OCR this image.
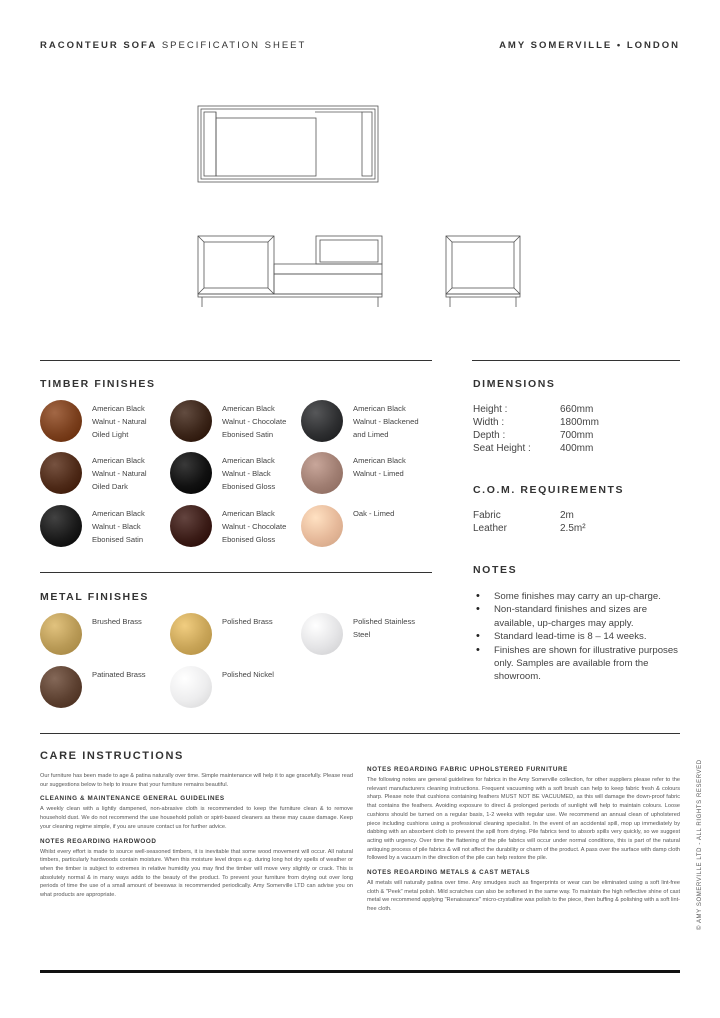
RACONTEUR SOFA SPECIFICATION SHEET	AMY SOMERVILLE • LONDON
TIMBER FINISHES
American Black
Walnut - Natural
Oiled Light
American Black
Walnut - Chocolate
Ebonised Satin
American Black
Walnut - Blackened
and Limed
American Black
Walnut - Natural
Oiled Dark
American Black
Walnut - Black
Ebonised Gloss
American Black
Walnut - Limed
American Black
Walnut - Black
Ebonised Satin
American Black
Walnut - Chocolate
Ebonised Gloss
Oak - Limed
METAL FINISHES
Brushed Brass	Polished Brass	Polished Stainless
Steel
Patinated Brass	Polished Nickel
DIMENSIONS
Height :	660mm
Width :	1800mm
Depth :	700mm
Seat Height :	400mm
C.O.M. REQUIREMENTS
Fabric	2m
Leather	2.5m²
NOTES
• Some finishes may carry an up-charge.
• Non-standard finishes and sizes are available, up-charges may apply.
• Standard lead-time is 8 – 14 weeks.
• Finishes are shown for illustrative purposes only. Samples are available from the showroom.
CARE INSTRUCTIONS

Our furniture has been made to age & patina naturally over time. Simple maintenance will help it to age gracefully. Please read our suggestions below to help to insure that your furniture remains beautiful.

CLEANING & MAINTENANCE GENERAL GUIDELINES

A weekly clean with a lightly dampened, non-abrasive cloth is recommended to keep the furniture clean & to remove household dust. We do not recommend the use household polish or spirit-based cleaners as these may cause damage. Keep your cleaning regime simple, if you are unsure contact us for further advice.

NOTES REGARDING HARDWOOD

Whilst every effort is made to source well-seasoned timbers, it is inevitable that some wood movement will occur. All natural timbers, particularly hardwoods contain moisture. When this moisture level drops e.g. during long hot dry spells of weather or when the timber is subject to extremes in relative humidity you may find the timber will move very slightly or crack. This is absolutely normal & in many ways adds to the beauty of the product. To prevent your furniture from drying out over long periods of time the use of a small amount of beeswax is recommended periodically. Amy Somerville LTD can advise you on what products are appropriate.

NOTES REGARDING FABRIC UPHOLSTERED FURNITURE

The following notes are general guidelines for fabrics in the Amy Somerville collection, for other suppliers please refer to the relevant manufacturers cleaning instructions. Frequent vacuuming with a soft brush can help to keep fabric fresh & colours sharp. Please note that cushions containing feathers MUST NOT BE VACUUMED, as this will damage the down-proof fabric that contains the feathers. Avoiding exposure to direct & prolonged periods of sunlight will help to maintain colours. Loose cushions should be turned on a regular basis, 1-2 weeks with regular use. We recommend an annual clean of upholstered piece including cushions using a professional cleaning specialist. In the event of an accidental spill, mop up immediately by dabbing with an absorbent cloth to prevent the spill from drying. Pile fabrics tend to absorb spills very quickly, so we suggest acting with urgency. Over time the flattening of the pile fabrics will occur under normal conditions, this is part of the natural antiquing process of pile fabrics & will not affect the durability or charm of the product. A pass over the surface with damp cloth followed by a vacuum in the direction of the pile can help restore the pile.

NOTES REGARDING METALS & CAST METALS

All metals will naturally patina over time. Any smudges such as fingerprints or wear can be eliminated using a soft lint-free cloth & "Peek" metal polish. Mild scratches can also be softened in the same way. To maintain the high reflective shine of cast metal we recommend applying "Renaissance" micro-crystalline wax polish to the piece, then buffing & polishing with a soft lint-free cloth.	© AMY SOMERVILLE LTD - ALL RIGHTS RESERVED
